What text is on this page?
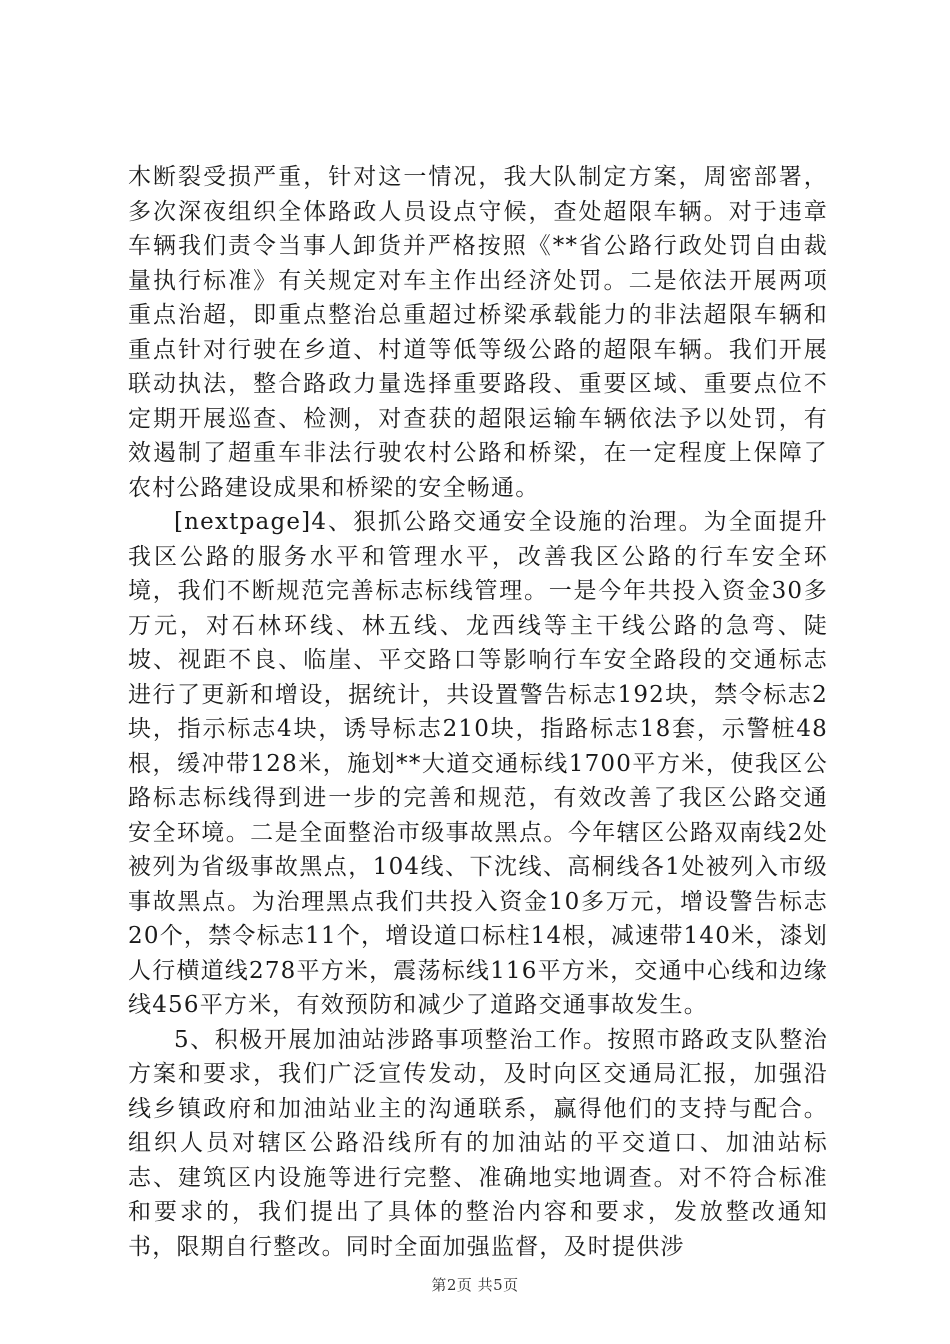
木断裂受损严重，针对这一情况，我大队制定方案，周密部署，多次深夜组织全体路政人员设点守候，查处超限车辆。对于违章车辆我们责令当事人卸货并严格按照《**省公路行政处罚自由裁量执行标准》有关规定对车主作出经济处罚。二是依法开展两项重点治超，即重点整治总重超过桥梁承载能力的非法超限车辆和重点针对行驶在乡道、村道等低等级公路的超限车辆。我们开展联动执法，整合路政力量选择重要路段、重要区域、重要点位不定期开展巡查、检测，对查获的超限运输车辆依法予以处罚，有效遏制了超重车非法行驶农村公路和桥梁，在一定程度上保障了农村公路建设成果和桥梁的安全畅通。

[nextpage]4、狠抓公路交通安全设施的治理。为全面提升我区公路的服务水平和管理水平，改善我区公路的行车安全环境，我们不断规范完善标志标线管理。一是今年共投入资金30多万元，对石林环线、林五线、龙西线等主干线公路的急弯、陡坡、视距不良、临崖、平交路口等影响行车安全路段的交通标志进行了更新和增设，据统计，共设置警告标志192块，禁令标志2块，指示标志4块，诱导标志210块，指路标志18套，示警桩48根，缓冲带128米，施划**大道交通标线1700平方米，使我区公路标志标线得到进一步的完善和规范，有效改善了我区公路交通安全环境。二是全面整治市级事故黑点。今年辖区公路双南线2处被列为省级事故黑点，104线、下沈线、高桐线各1处被列入市级事故黑点。为治理黑点我们共投入资金10多万元，增设警告标志20个，禁令标志11个，增设道口标柱14根，减速带140米，漆划人行横道线278平方米，震荡标线116平方米，交通中心线和边缘线456平方米，有效预防和减少了道路交通事故发生。

5、积极开展加油站涉路事项整治工作。按照市路政支队整治方案和要求，我们广泛宣传发动，及时向区交通局汇报，加强沿线乡镇政府和加油站业主的沟通联系，赢得他们的支持与配合。组织人员对辖区公路沿线所有的加油站的平交道口、加油站标志、建筑区内设施等进行完整、准确地实地调查。对不符合标准和要求的，我们提出了具体的整治内容和要求，发放整改通知书，限期自行整改。同时全面加强监督，及时提供涉

第2页 共5页
